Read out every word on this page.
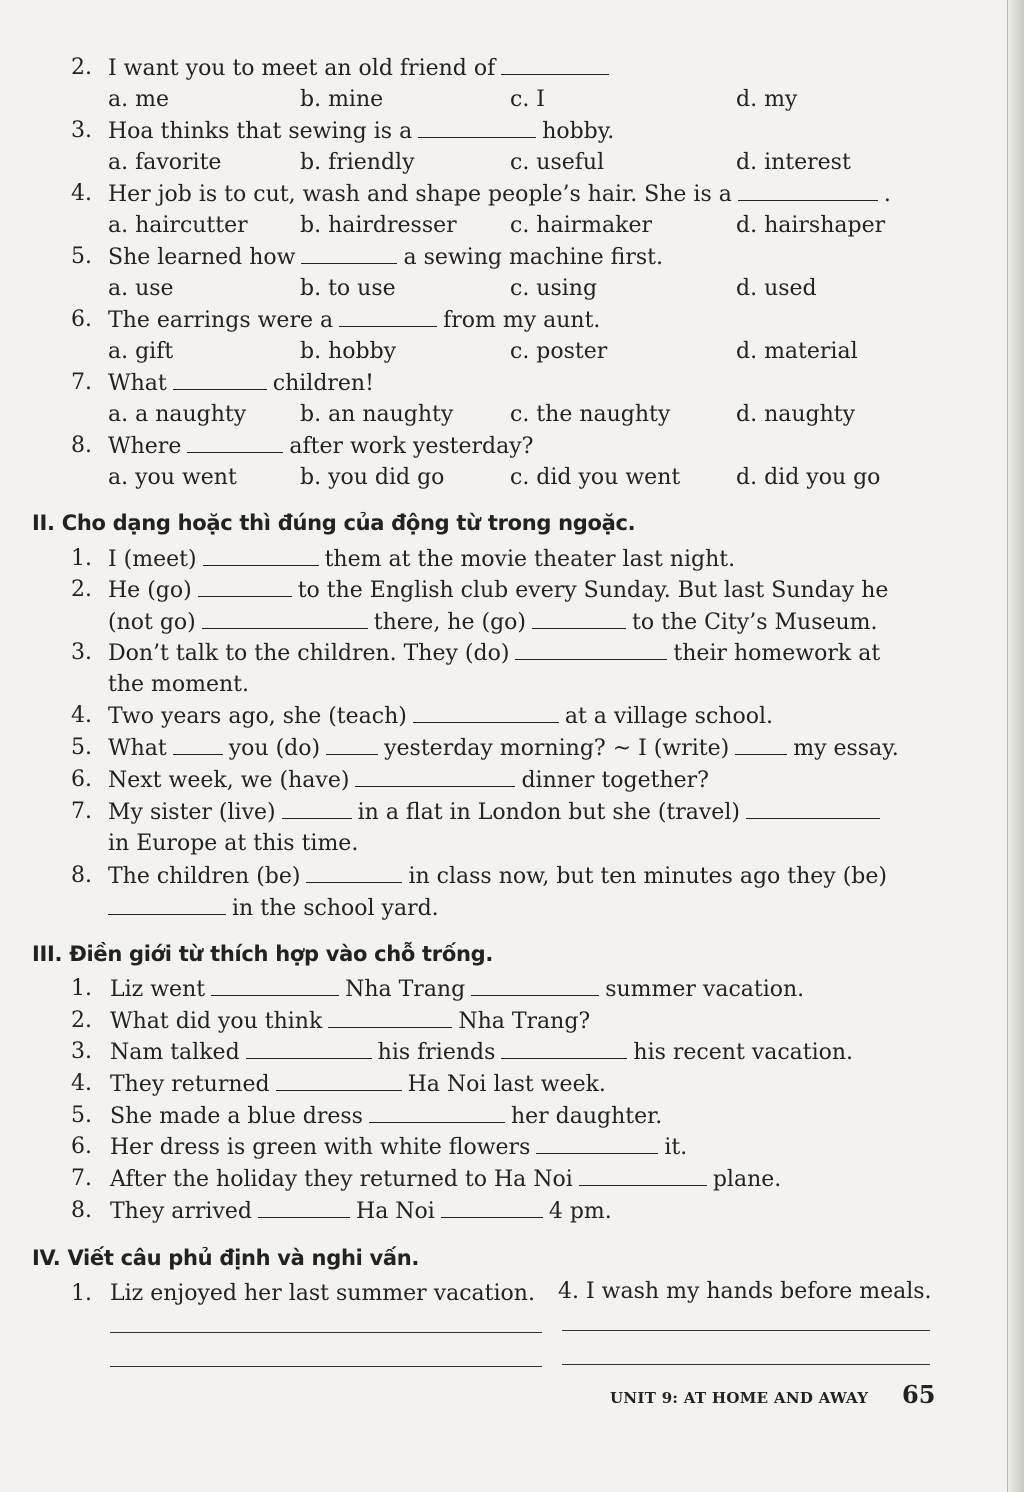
2. I want you to meet an old friend of
a. me	b. mine	c. I	d. my
3. Hoa thinks that sewing is a	hobby.
a. favorite	b. friendly	c. useful	d. interest
4. Her job is to cut, wash and shape people’s hair. She is a	.
a. haircutter b. hairdresser c. hairmaker	d. hairshaper
5. She learned how	a sewing machine first.
a. use	b. to use	c. using	d. used
6. The earrings were a	from my aunt.
a. gift	b. hobby	c. poster	d. material
7. What	children!
a. a naughty b. an naughty	c. the naughty	d. naughty
8. Where	after work yesterday?
a. you went	b. you did go	c. did you went	d. did you go
II. Cho dạng hoặc thì đúng của động từ trong ngoặc.
1. I (meet)	them at the movie theater last night.
2. He (go)	to the English club every Sunday. But last Sunday he
(not go)	there, he (go)	to the City’s Museum.
3. Don’t talk to the children. They (do)	their homework at
the moment.
4. Two years ago, she (teach)	at a village school.
5. What	you (do)	yesterday morning? ~ I (write)	my essay.
6. Next week, we (have)	dinner together?
7. My sister (live)	in a flat in London but she (travel)
in Europe at this time.
8. The children (be)	in class now, but ten minutes ago they (be)
in the school yard.
III. Điền giới từ thích hợp vào chỗ trống.
1. Liz went	Nha Trang	summer vacation.
2. What did you think	Nha Trang?
3. Nam talked	his friends	his recent vacation.
4. They returned	Ha Noi last week.
5. She made a blue dress	her daughter.
6. Her dress is green with white flowers	it.
7. After the holiday they returned to Ha Noi	plane.
8. They arrived	Ha Noi	4 pm.
IV. Viết câu phủ định và nghi vấn.
1. Liz enjoyed her last summer vacation. 4. I wash my hands before meals.
UNIT 9: AT HOME AND AWAY 65
